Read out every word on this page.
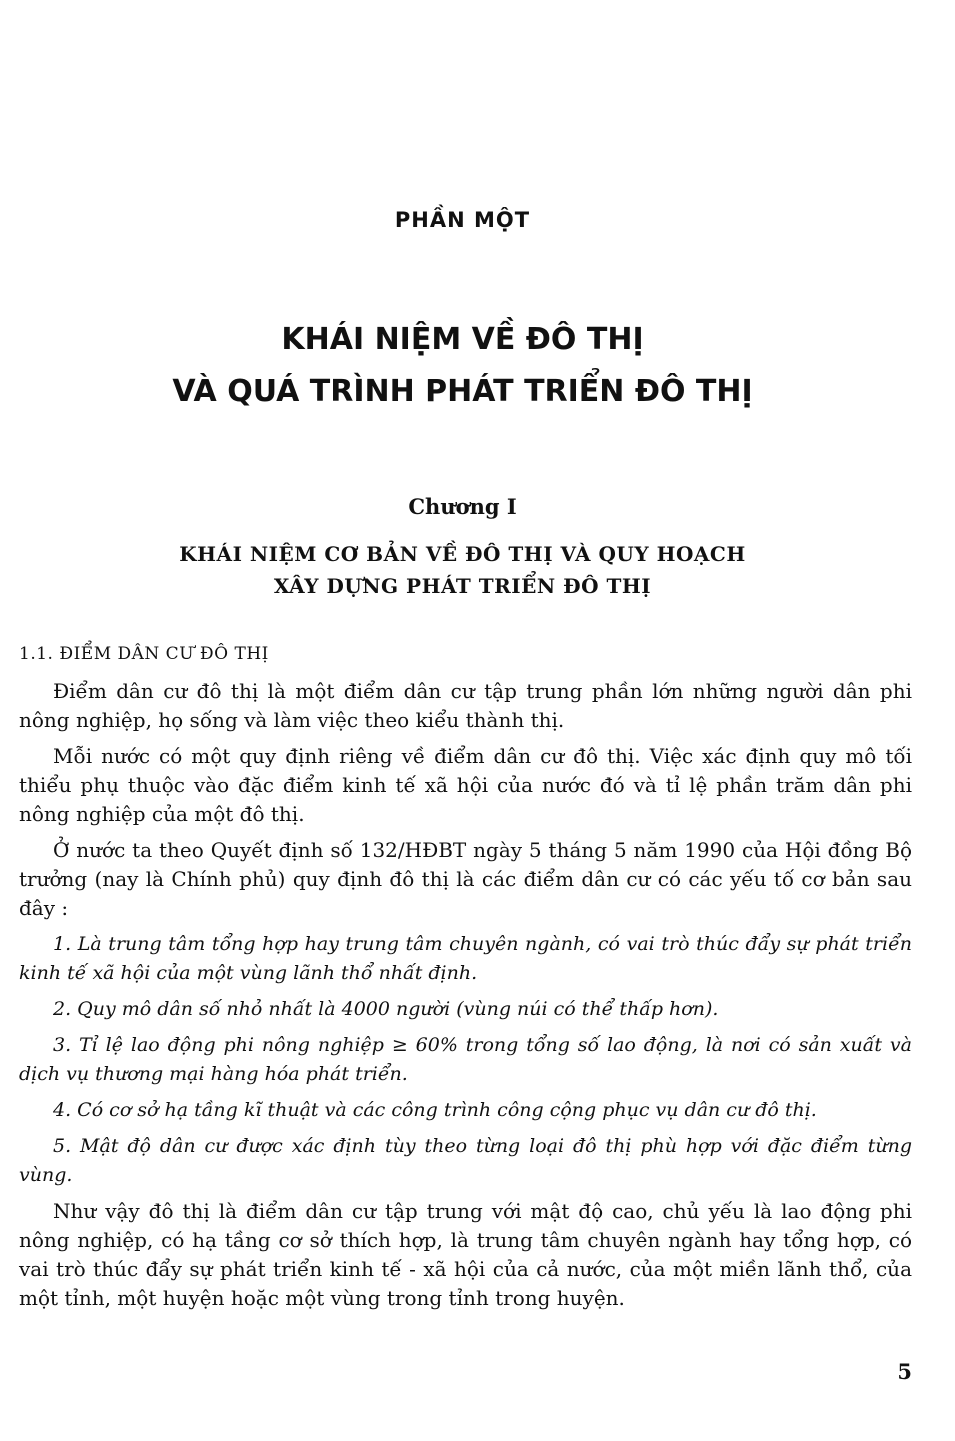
PHẦN MỘT
KHÁI NIỆM VỀ ĐÔ THỊ
VÀ QUÁ TRÌNH PHÁT TRIỂN ĐÔ THỊ
Chương I
KHÁI NIỆM CƠ BẢN VỀ ĐÔ THỊ VÀ QUY HOẠCH
XÂY DỰNG PHÁT TRIỂN ĐÔ THỊ
1.1. ĐIỂM DÂN CƯ ĐÔ THỊ

Điểm dân cư đô thị là một điểm dân cư tập trung phần lớn những người dân phi nông nghiệp, họ sống và làm việc theo kiểu thành thị.

Mỗi nước có một quy định riêng về điểm dân cư đô thị. Việc xác định quy mô tối thiểu phụ thuộc vào đặc điểm kinh tế xã hội của nước đó và tỉ lệ phần trăm dân phi nông nghiệp của một đô thị.

Ở nước ta theo Quyết định số 132/HĐBT ngày 5 tháng 5 năm 1990 của Hội đồng Bộ trưởng (nay là Chính phủ) quy định đô thị là các điểm dân cư có các yếu tố cơ bản sau đây :

1. Là trung tâm tổng hợp hay trung tâm chuyên ngành, có vai trò thúc đẩy sự phát triển kinh tế xã hội của một vùng lãnh thổ nhất định.

2. Quy mô dân số nhỏ nhất là 4000 người (vùng núi có thể thấp hơn).

3. Tỉ lệ lao động phi nông nghiệp ≥ 60% trong tổng số lao động, là nơi có sản xuất và dịch vụ thương mại hàng hóa phát triển.

4. Có cơ sở hạ tầng kĩ thuật và các công trình công cộng phục vụ dân cư đô thị.

5. Mật độ dân cư được xác định tùy theo từng loại đô thị phù hợp với đặc điểm từng vùng.

Như vậy đô thị là điểm dân cư tập trung với mật độ cao, chủ yếu là lao động phi nông nghiệp, có hạ tầng cơ sở thích hợp, là trung tâm chuyên ngành hay tổng hợp, có vai trò thúc đẩy sự phát triển kinh tế - xã hội của cả nước, của một miền lãnh thổ, của một tỉnh, một huyện hoặc một vùng trong tỉnh trong huyện.

5
